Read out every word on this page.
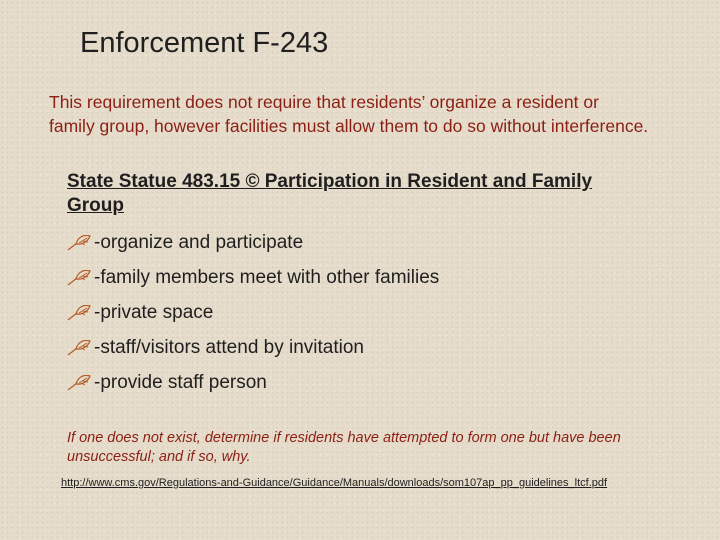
Enforcement F-243

This requirement does not require that residents’ organize a resident or family group, however facilities must allow them to do so without interference.

State Statue 483.15 © Participation in Resident and Family Group

-organize and participate
-family members meet with other families
-private space
-staff/visitors attend by invitation
-provide staff person

If one does not exist, determine if residents have attempted to form one but have been unsuccessful; and if so, why.

http://www.cms.gov/Regulations-and-Guidance/Guidance/Manuals/downloads/som107ap_pp_guidelines_ltcf.pdf
